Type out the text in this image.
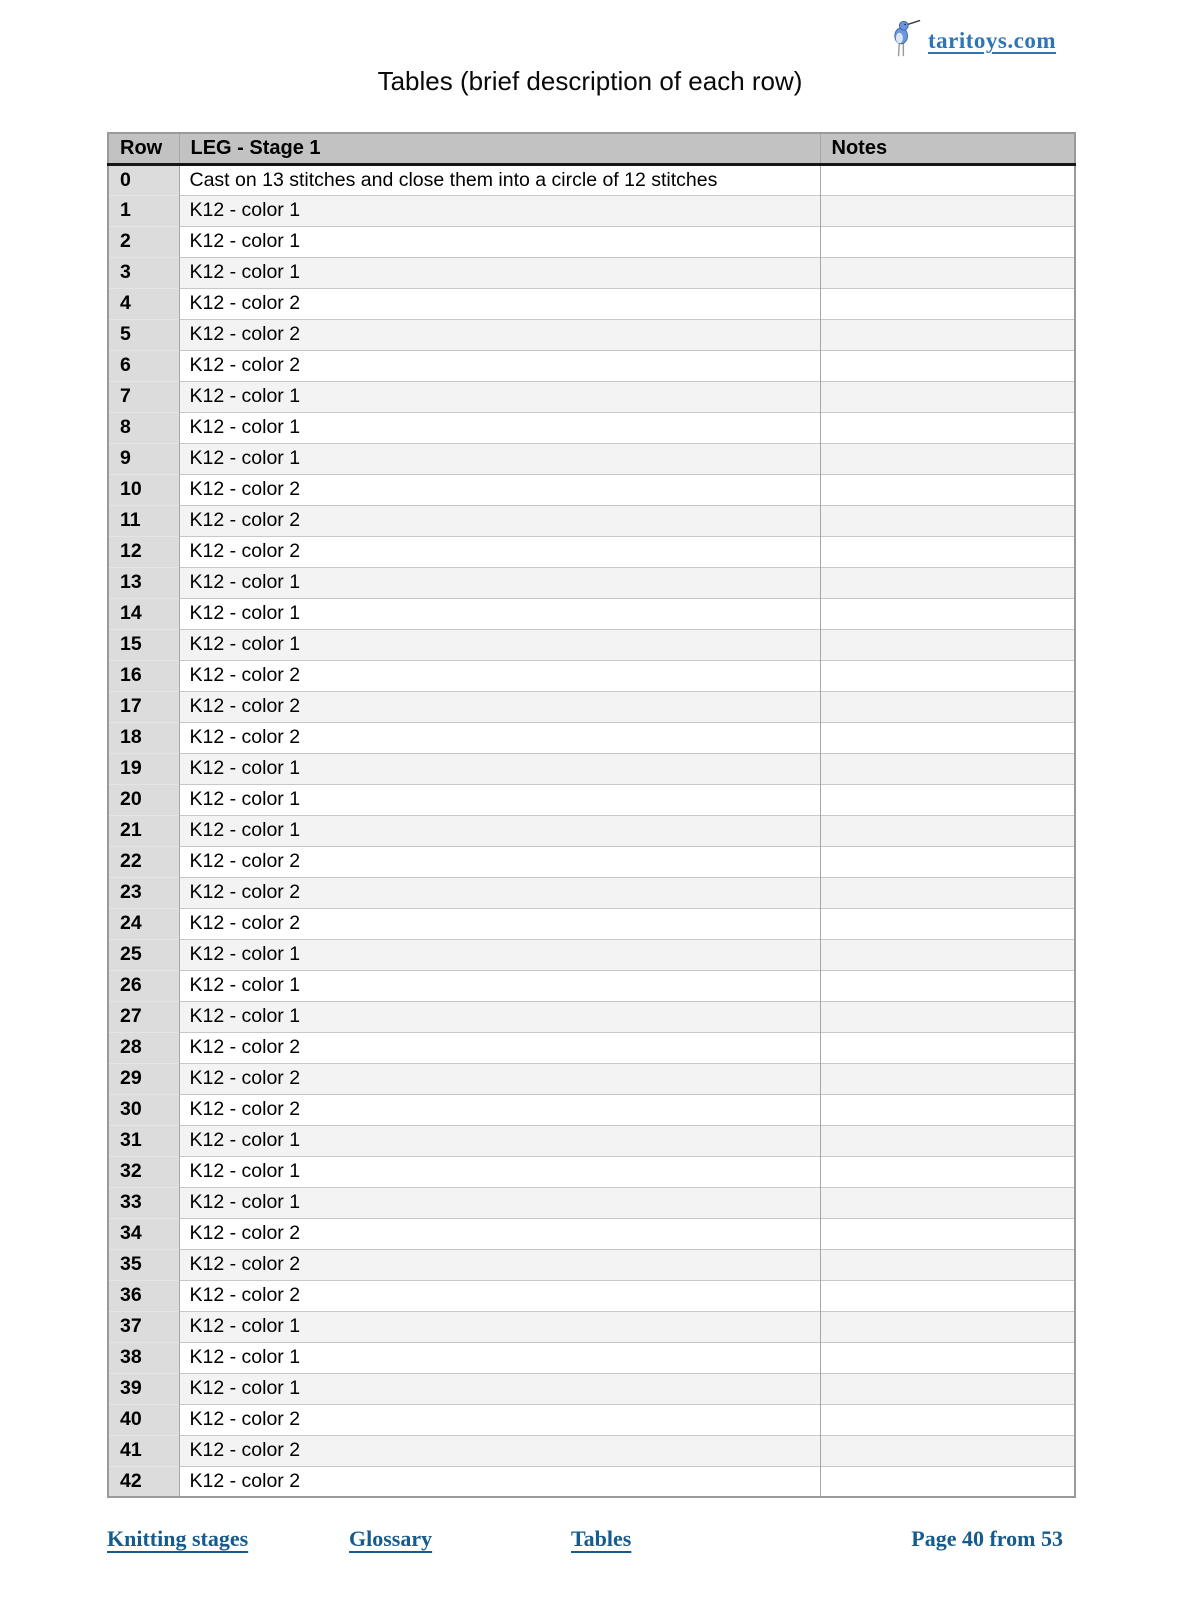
taritoys.com
Tables (brief description of each row)
Row	LEG - Stage 1	Notes
0	Cast on 13 stitches and close them into a circle of 12 stitches	
1	K12 - color 1	
2	K12 - color 1	
3	K12 - color 1	
4	K12 - color 2	
5	K12 - color 2	
6	K12 - color 2	
7	K12 - color 1	
8	K12 - color 1	
9	K12 - color 1	
10	K12 - color 2	
11	K12 - color 2	
12	K12 - color 2	
13	K12 - color 1	
14	K12 - color 1	
15	K12 - color 1	
16	K12 - color 2	
17	K12 - color 2	
18	K12 - color 2	
19	K12 - color 1	
20	K12 - color 1	
21	K12 - color 1	
22	K12 - color 2	
23	K12 - color 2	
24	K12 - color 2	
25	K12 - color 1	
26	K12 - color 1	
27	K12 - color 1	
28	K12 - color 2	
29	K12 - color 2	
30	K12 - color 2	
31	K12 - color 1	
32	K12 - color 1	
33	K12 - color 1	
34	K12 - color 2	
35	K12 - color 2	
36	K12 - color 2	
37	K12 - color 1	
38	K12 - color 1	
39	K12 - color 1	
40	K12 - color 2	
41	K12 - color 2	
42	K12 - color 2	
Knitting stages	Glossary	Tables	Page 40 from 53
